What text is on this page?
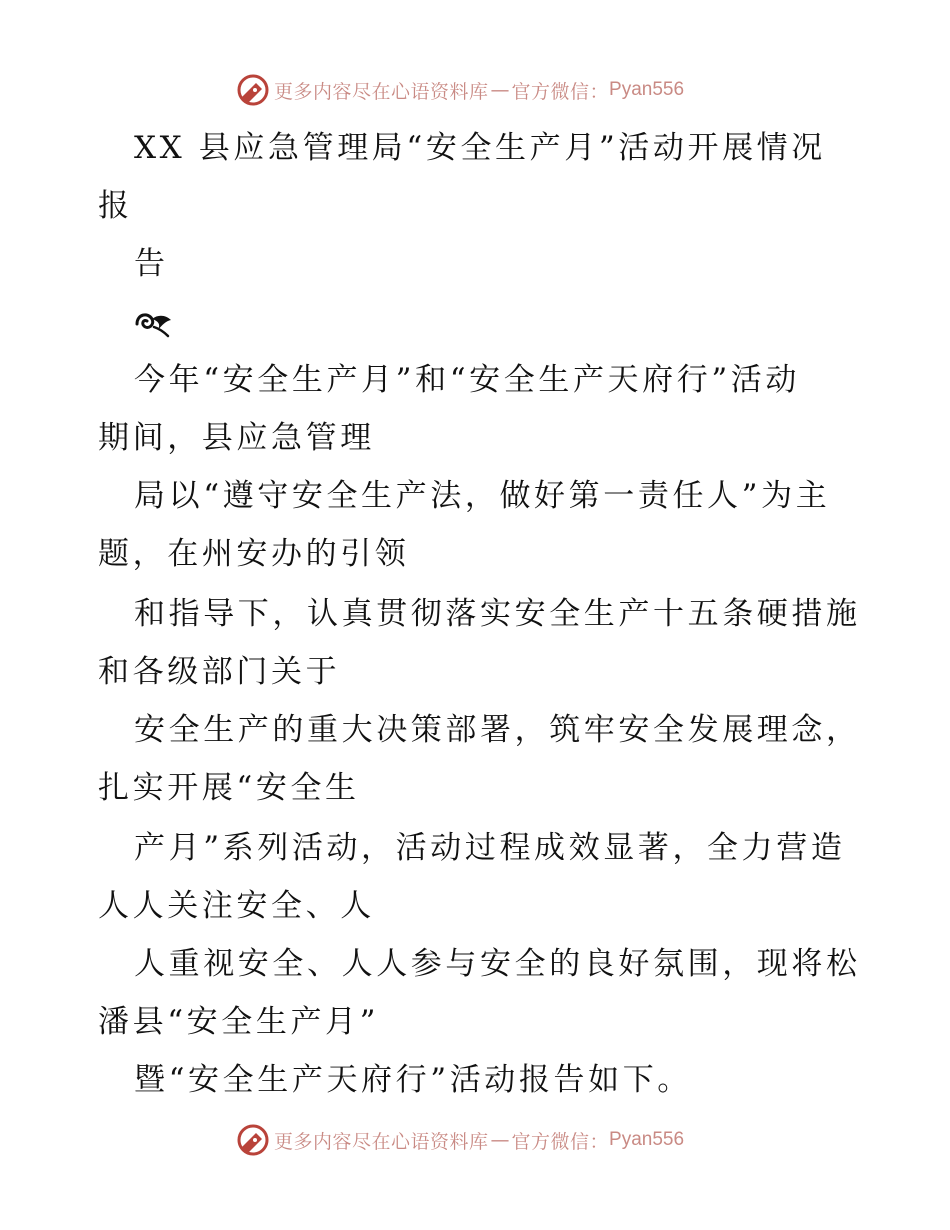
更多内容尽在心语资料库 — 官方微信： Pyan556
XX 县应急管理局“安全生产月”活动开展情况
报
告
今年“安全生产月”和“安全生产天府行”活动
期间，县应急管理
局以“遵守安全生产法，做好第一责任人”为主
题，在州安办的引领
和指导下，认真贯彻落实安全生产十五条硬措施
和各级部门关于
安全生产的重大决策部署，筑牢安全发展理念，
扎实开展“安全生
产月”系列活动，活动过程成效显著，全力营造
人人关注安全、人
人重视安全、人人参与安全的良好氛围，现将松
潘县“安全生产月”
暨“安全生产天府行”活动报告如下。
更多内容尽在心语资料库 — 官方微信： Pyan556
